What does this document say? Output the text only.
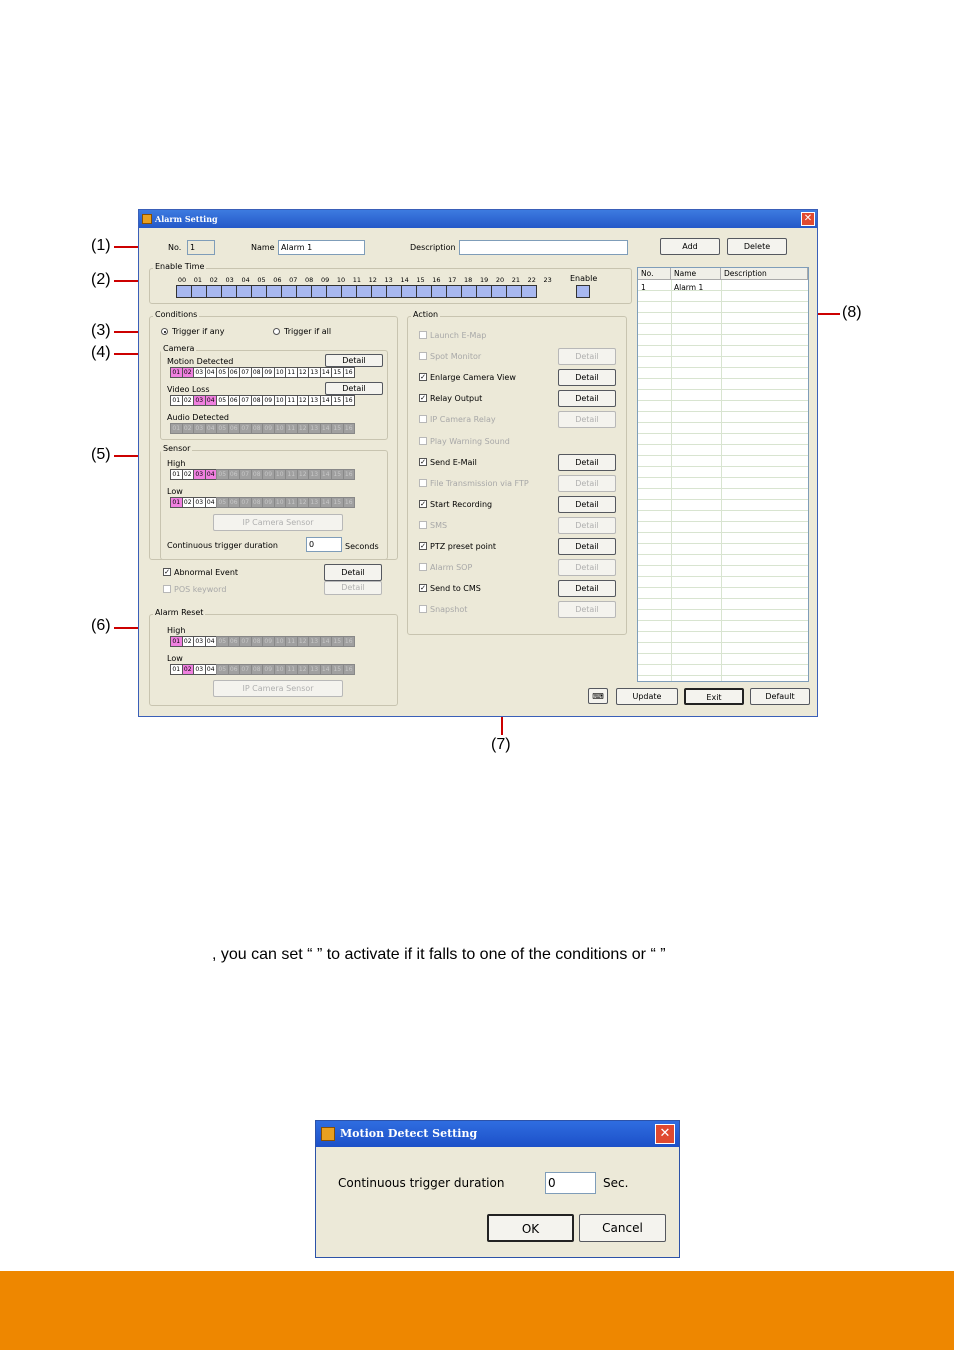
(1)
(2)
(3)
(4)
(5)
(6)
(8)
(7)
Alarm Setting	✕
No.	1	Name Alarm 1	Description	Add	Delete
Enable Time
Enable
Conditions
Trigger if any	Trigger if all
Camera
Motion Detected	Detail
01 02 03 04 05 06 07 08 09 10 11 12 13 14 15 16
Video Loss	Detail
01 02 03 04 05 06 07 08 09 10 11 12 13 14 15 16
Audio Detected
01 02 03 04 05 06 07 08 09 10 11 12 13 14 15 16
Sensor
High
01 02 03 04 05 06 07 08 09 10 11 12 13 14 15 16
Low
01 02 03 04 05 06 07 08 09 10 11 12 13 14 15 16
IP Camera Sensor
Continuous trigger duration	0	Seconds
✓ Abnormal Event	Detail
POS keyword	Detail
Alarm Reset
High
01 02 03 04 05 06 07 08 09 10 11 12 13 14 15 16
Low
01 02 03 04 05 06 07 08 09 10 11 12 13 14 15 16
IP Camera Sensor
Action
No.	Name	Description
1	Alarm 1
⌨	Update	Exit	Default
00	01	02	03	04	05	06	07	08	09	10	11	12	13	14	15	16	17	18	19	20	21	22	23
Launch E-Map
Spot Monitor	Detail
✓ Enlarge Camera View	Detail
✓ Relay Output	Detail
IP Camera Relay	Detail
Play Warning Sound
✓ Send E-Mail	Detail
File Transmission via FTP	Detail
✓ Start Recording	Detail
SMS	Detail
✓ PTZ preset point	Detail
Alarm SOP	Detail
✓ Send to CMS	Detail
Snapshot	Detail
, you can set “ ” to activate if it falls to one of the conditions or “ ”
Motion Detect Setting	✕
Continuous trigger duration	0	Sec.
OK	Cancel
